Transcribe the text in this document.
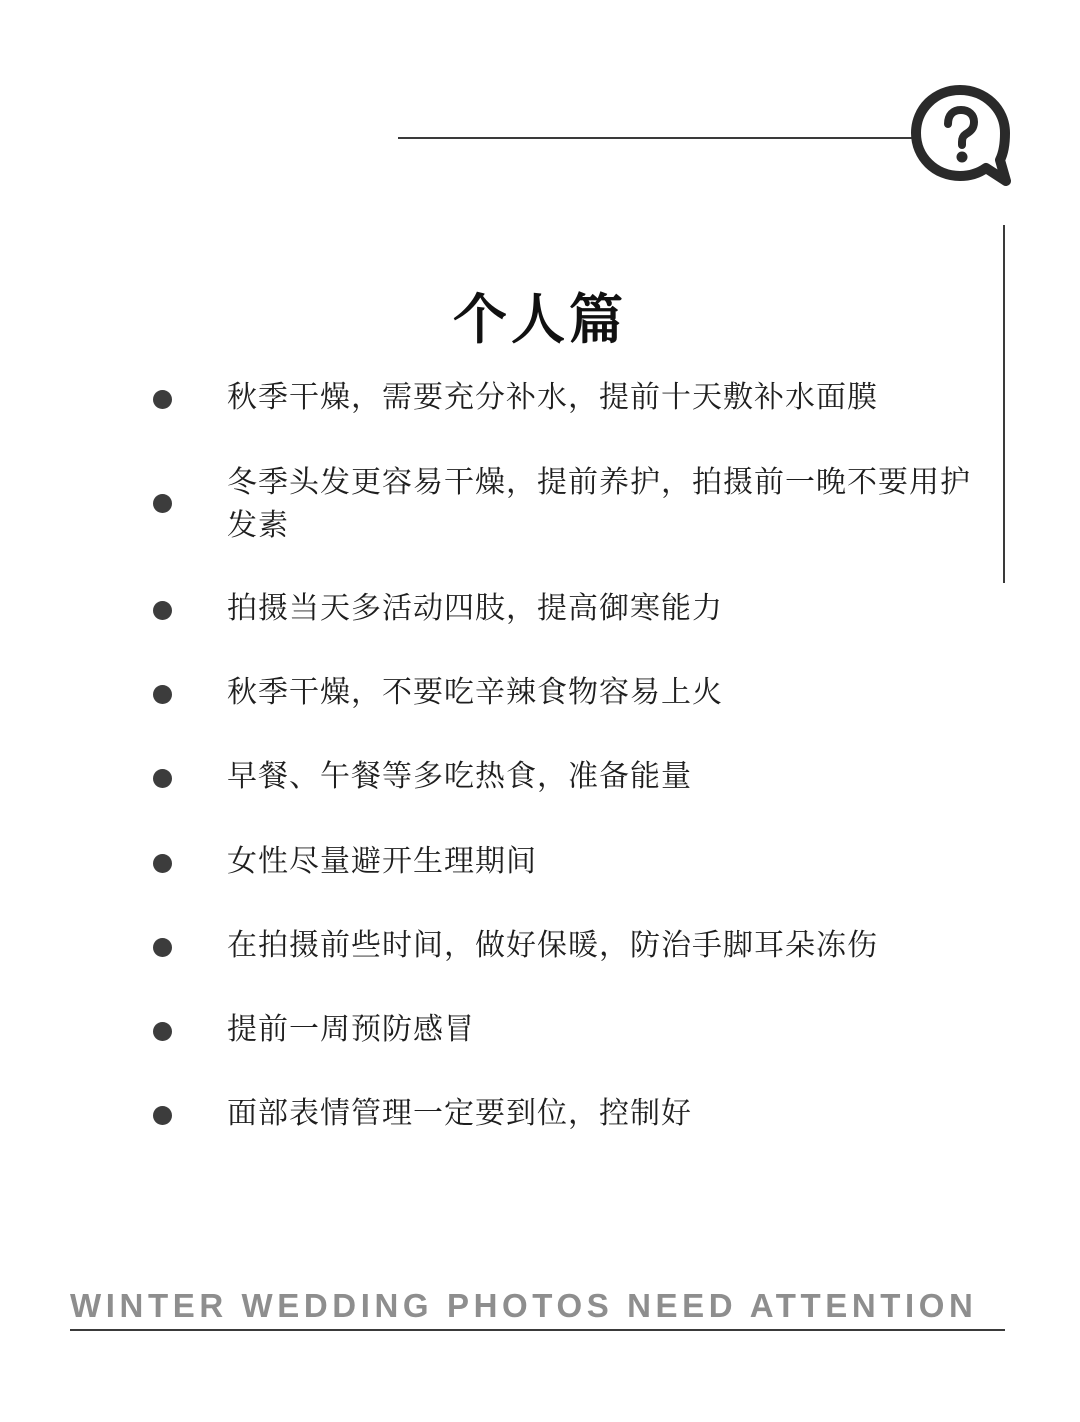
个人篇
秋季干燥，需要充分补水，提前十天敷补水面膜
冬季头发更容易干燥，提前养护，拍摄前一晚不要用护发素
拍摄当天多活动四肢，提高御寒能力
秋季干燥，不要吃辛辣食物容易上火
早餐、午餐等多吃热食，准备能量
女性尽量避开生理期间
在拍摄前些时间，做好保暖，防治手脚耳朵冻伤
提前一周预防感冒
面部表情管理一定要到位，控制好
WINTER WEDDING PHOTOS NEED ATTENTION
